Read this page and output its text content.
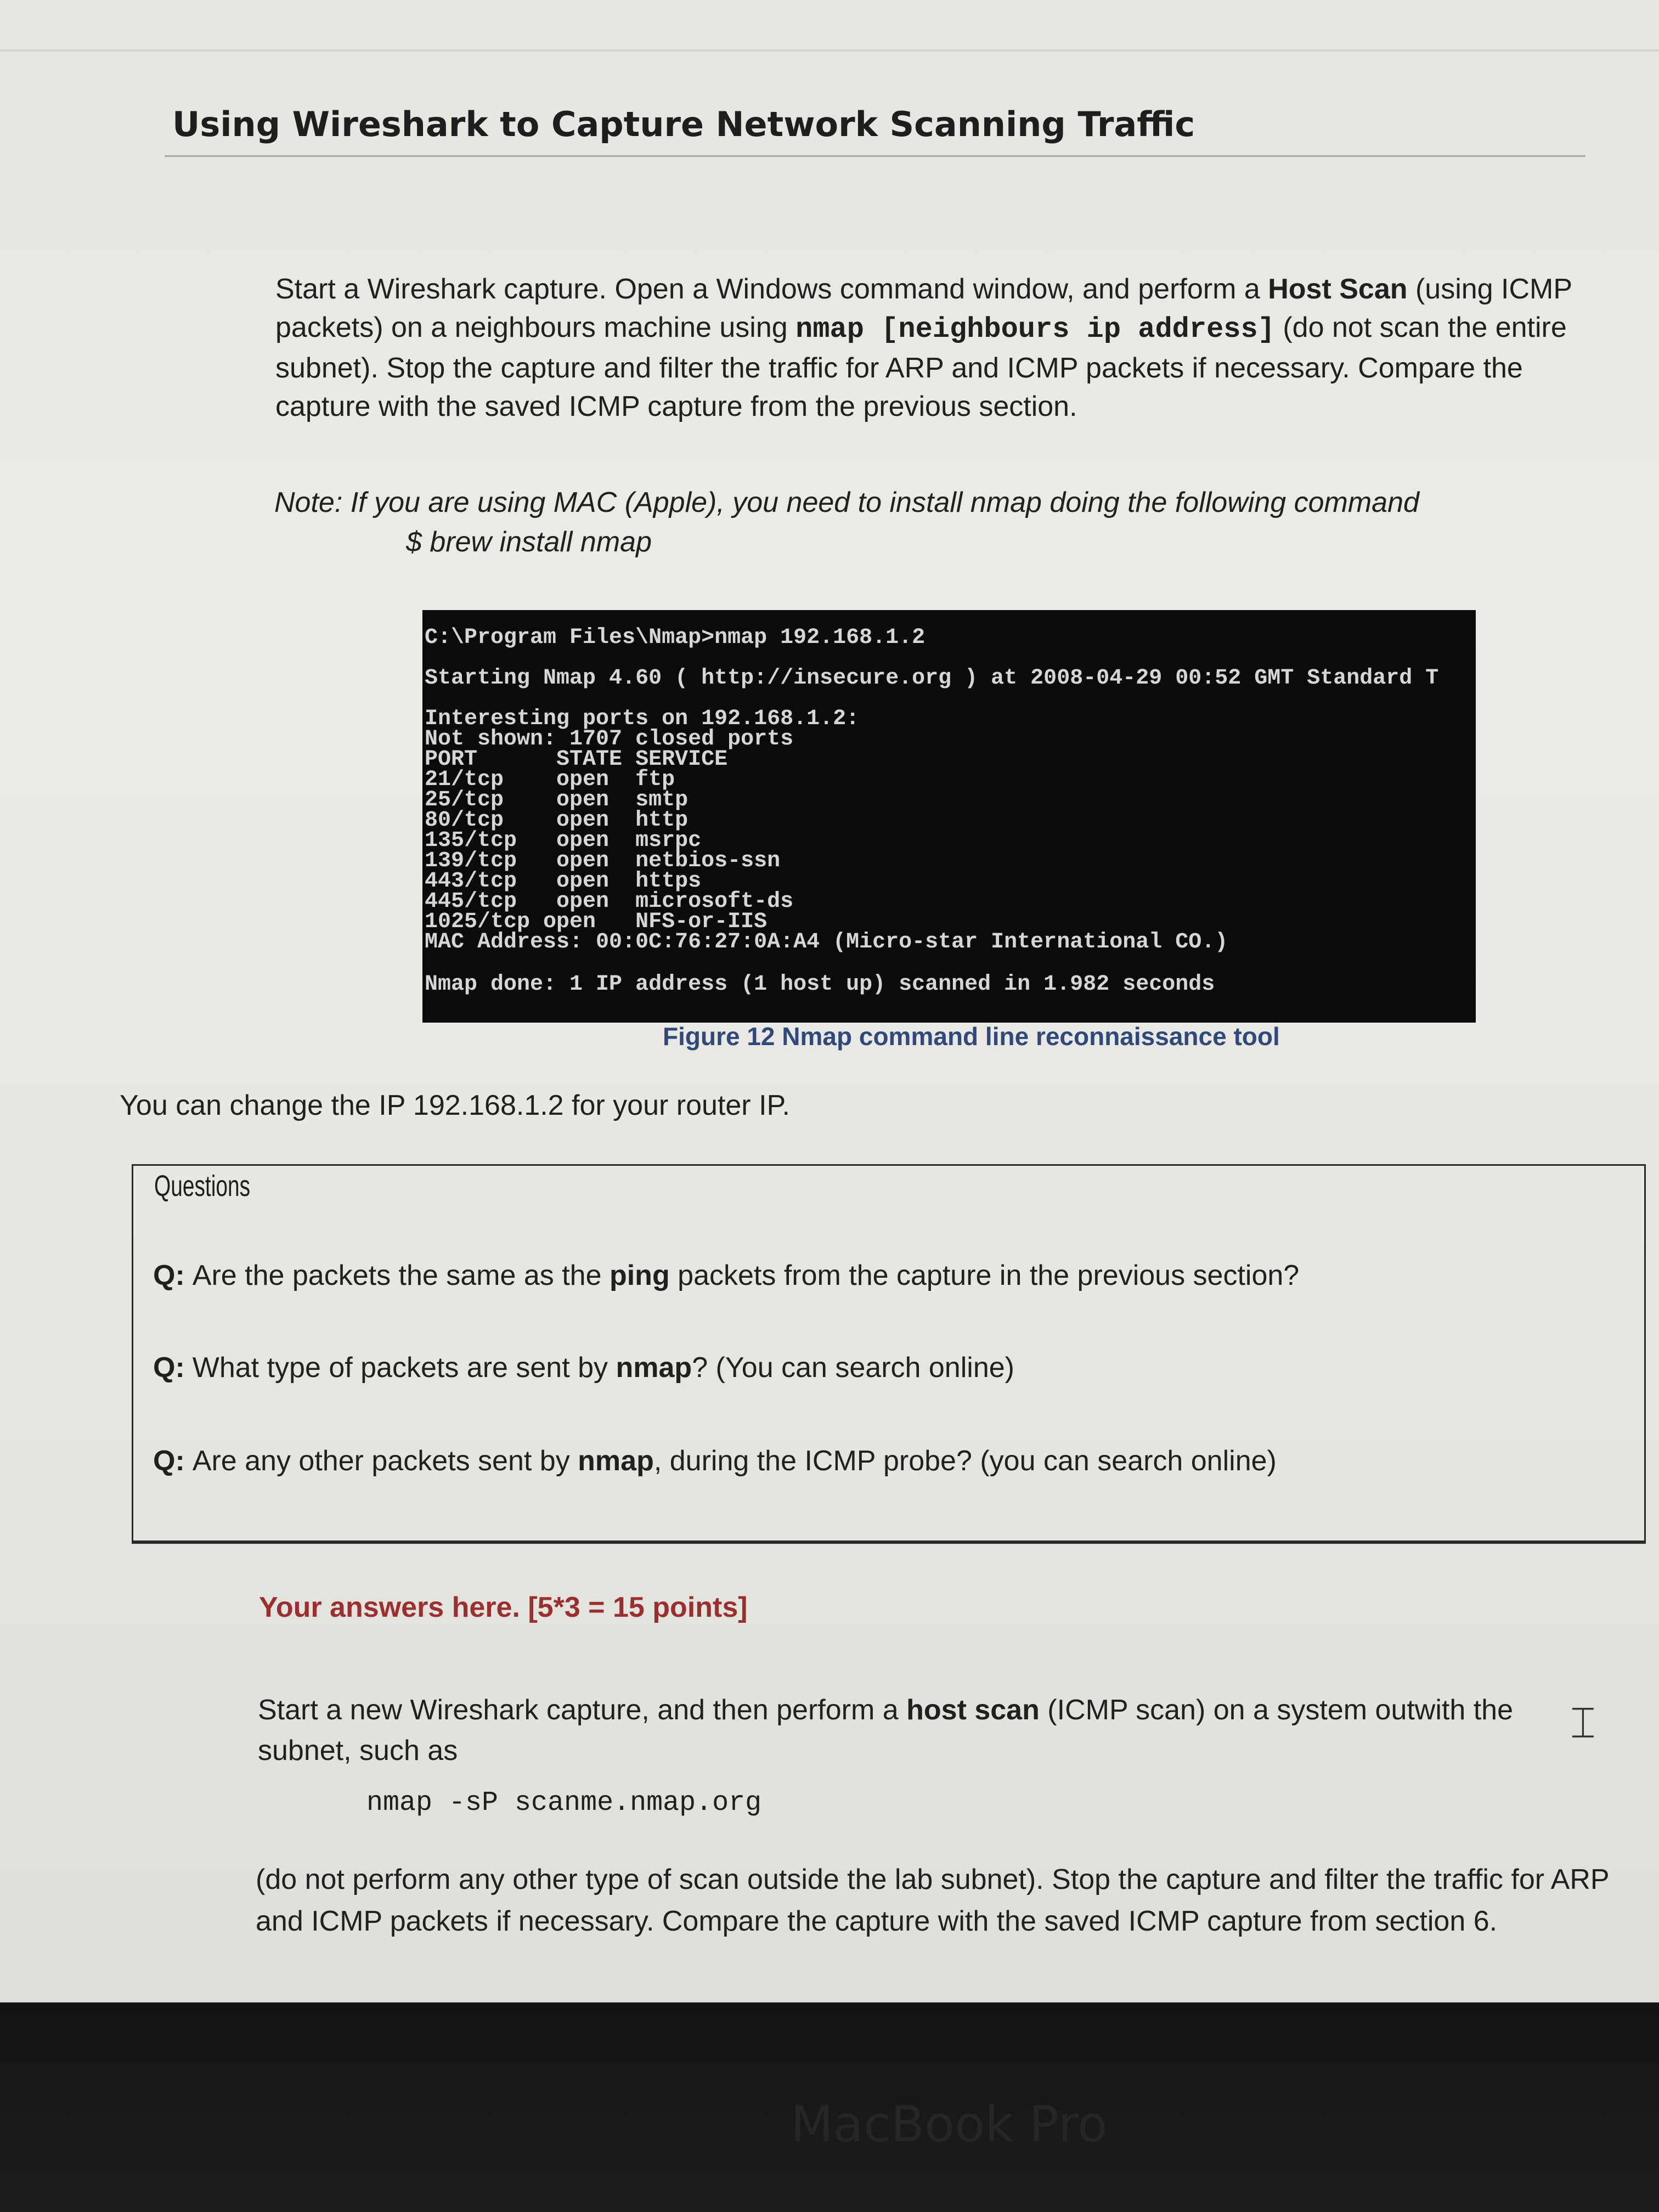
Using Wireshark to Capture Network Scanning Traffic
Start a Wireshark capture. Open a Windows command window, and perform a Host Scan (using ICMP packets) on a neighbours machine using nmap [neighbours ip address] (do not scan the entire subnet). Stop the capture and filter the traffic for ARP and ICMP packets if necessary. Compare the capture with the saved ICMP capture from the previous section.
Note: If you are using MAC (Apple), you need to install nmap doing the following command
$ brew install nmap
C:\Program Files\Nmap>nmap 192.168.1.2
Starting Nmap 4.60 ( http://insecure.org ) at 2008-04-29 00:52 GMT Standard T
Interesting ports on 192.168.1.2:
Not shown: 1707 closed ports
PORT      STATE SERVICE
21/tcp    open  ftp
25/tcp    open  smtp
80/tcp    open  http
135/tcp   open  msrpc
139/tcp   open  netbios-ssn
443/tcp   open  https
445/tcp   open  microsoft-ds
1025/tcp open   NFS-or-IIS
MAC Address: 00:0C:76:27:0A:A4 (Micro-star International CO.)
Nmap done: 1 IP address (1 host up) scanned in 1.982 seconds
Figure 12 Nmap command line reconnaissance tool
You can change the IP 192.168.1.2 for your router IP.
Questions
Q: Are the packets the same as the ping packets from the capture in the previous section?
Q: What type of packets are sent by nmap? (You can search online)
Q: Are any other packets sent by nmap, during the ICMP probe? (you can search online)
Your answers here. [5*3 = 15 points]
Start a new Wireshark capture, and then perform a host scan (ICMP scan) on a system outwith the subnet, such as
nmap -sP scanme.nmap.org
(do not perform any other type of scan outside the lab subnet). Stop the capture and filter the traffic for ARP and ICMP packets if necessary. Compare the capture with the saved ICMP capture from section 6.
⌶
MacBook Pro
